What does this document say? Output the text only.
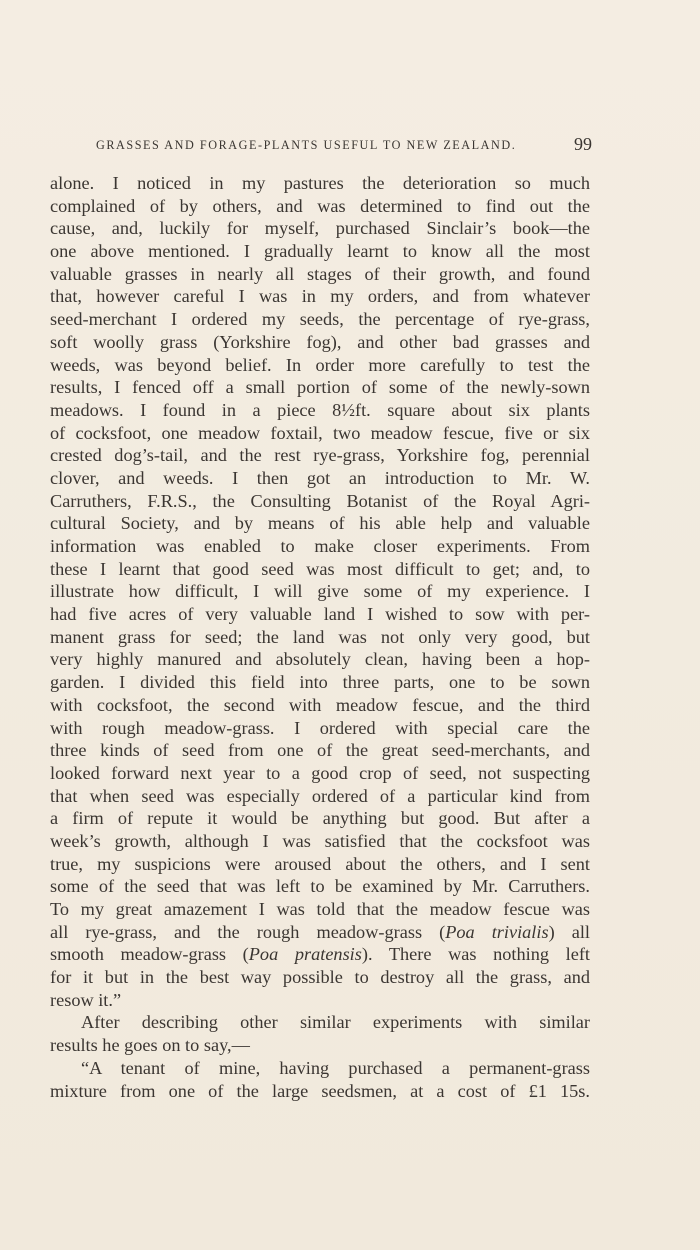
GRASSES AND FORAGE-PLANTS USEFUL TO NEW ZEALAND.	99
alone. I noticed in my pastures the deterioration so much
complained of by others, and was determined to find out the
cause, and, luckily for myself, purchased Sinclair’s book—the
one above mentioned. I gradually learnt to know all the most
valuable grasses in nearly all stages of their growth, and found
that, however careful I was in my orders, and from whatever
seed-merchant I ordered my seeds, the percentage of rye-grass,
soft woolly grass (Yorkshire fog), and other bad grasses and
weeds, was beyond belief. In order more carefully to test the
results, I fenced off a small portion of some of the newly-sown
meadows. I found in a piece 8½ft. square about six plants
of cocksfoot, one meadow foxtail, two meadow fescue, five or six
crested dog’s-tail, and the rest rye-grass, Yorkshire fog, perennial
clover, and weeds. I then got an introduction to Mr. W.
Carruthers, F.R.S., the Consulting Botanist of the Royal Agri-
cultural Society, and by means of his able help and valuable
information was enabled to make closer experiments. From
these I learnt that good seed was most difficult to get; and, to
illustrate how difficult, I will give some of my experience. I
had five acres of very valuable land I wished to sow with per-
manent grass for seed; the land was not only very good, but
very highly manured and absolutely clean, having been a hop-
garden. I divided this field into three parts, one to be sown
with cocksfoot, the second with meadow fescue, and the third
with rough meadow-grass. I ordered with special care the
three kinds of seed from one of the great seed-merchants, and
looked forward next year to a good crop of seed, not suspecting
that when seed was especially ordered of a particular kind from
a firm of repute it would be anything but good. But after a
week’s growth, although I was satisfied that the cocksfoot was
true, my suspicions were aroused about the others, and I sent
some of the seed that was left to be examined by Mr. Carruthers.
To my great amazement I was told that the meadow fescue was
all rye-grass, and the rough meadow-grass (Poa trivialis) all
smooth meadow-grass (Poa pratensis). There was nothing left
for it but in the best way possible to destroy all the grass, and
resow it.”
After describing other similar experiments with similar
results he goes on to say,—
“A tenant of mine, having purchased a permanent-grass
mixture from one of the large seedsmen, at a cost of £1 15s.
